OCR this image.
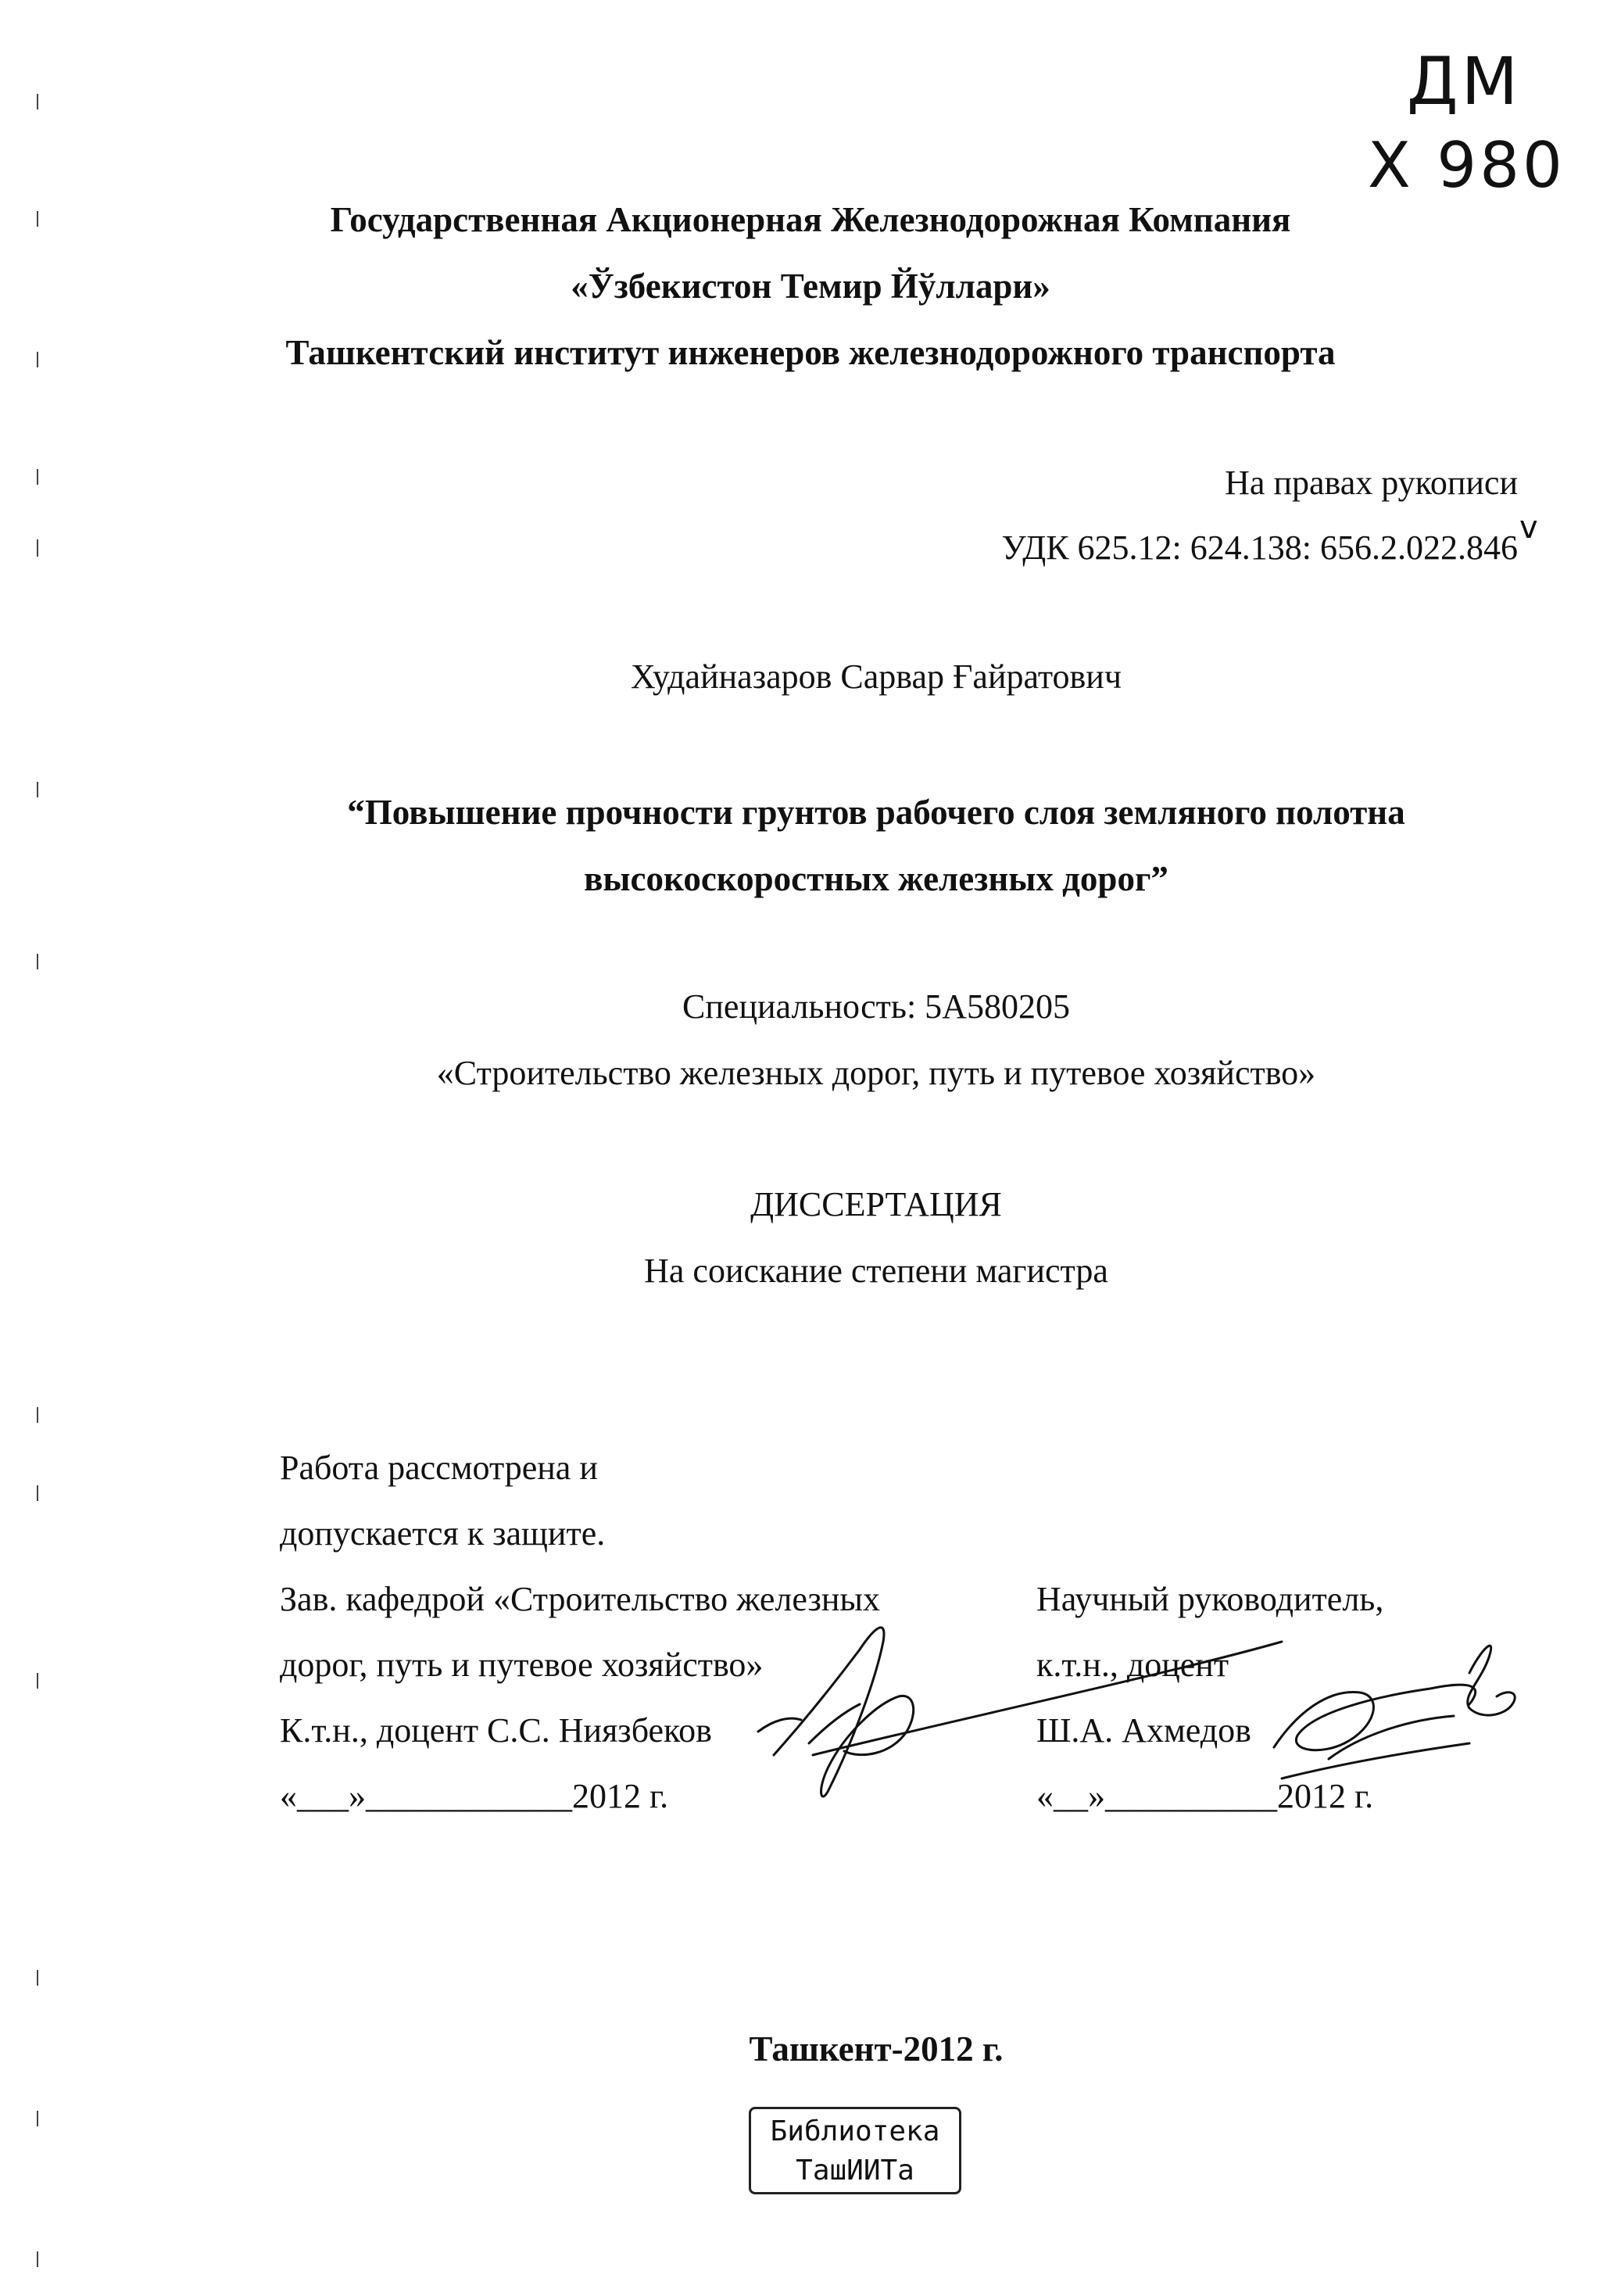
ДМ
X 980
Государственная Акционерная Железнодорожная Компания
«Ўзбекистон Темир Йўллари»
Ташкентский институт инженеров железнодорожного транспорта
На правах рукописи
УДК 625.12: 624.138: 656.2.022.846
v
Худайназаров Сарвар Ғайратович
“Повышение прочности грунтов рабочего слоя земляного полотна
высокоскоростных железных дорог”
Специальность: 5А580205
«Строительство железных дорог, путь и путевое хозяйство»
ДИССЕРТАЦИЯ
На соискание степени магистра
Работа рассмотрена и
допускается к защите.
Зав. кафедрой «Строительство железных
дорог, путь и путевое хозяйство»
К.т.н., доцент С.С. Ниязбеков
«___»____________2012 г.
Научный руководитель,
к.т.н., доцент
Ш.А. Ахмедов
«__»__________2012 г.
Ташкент-2012 г.
Библиотека
ТашИИТа
